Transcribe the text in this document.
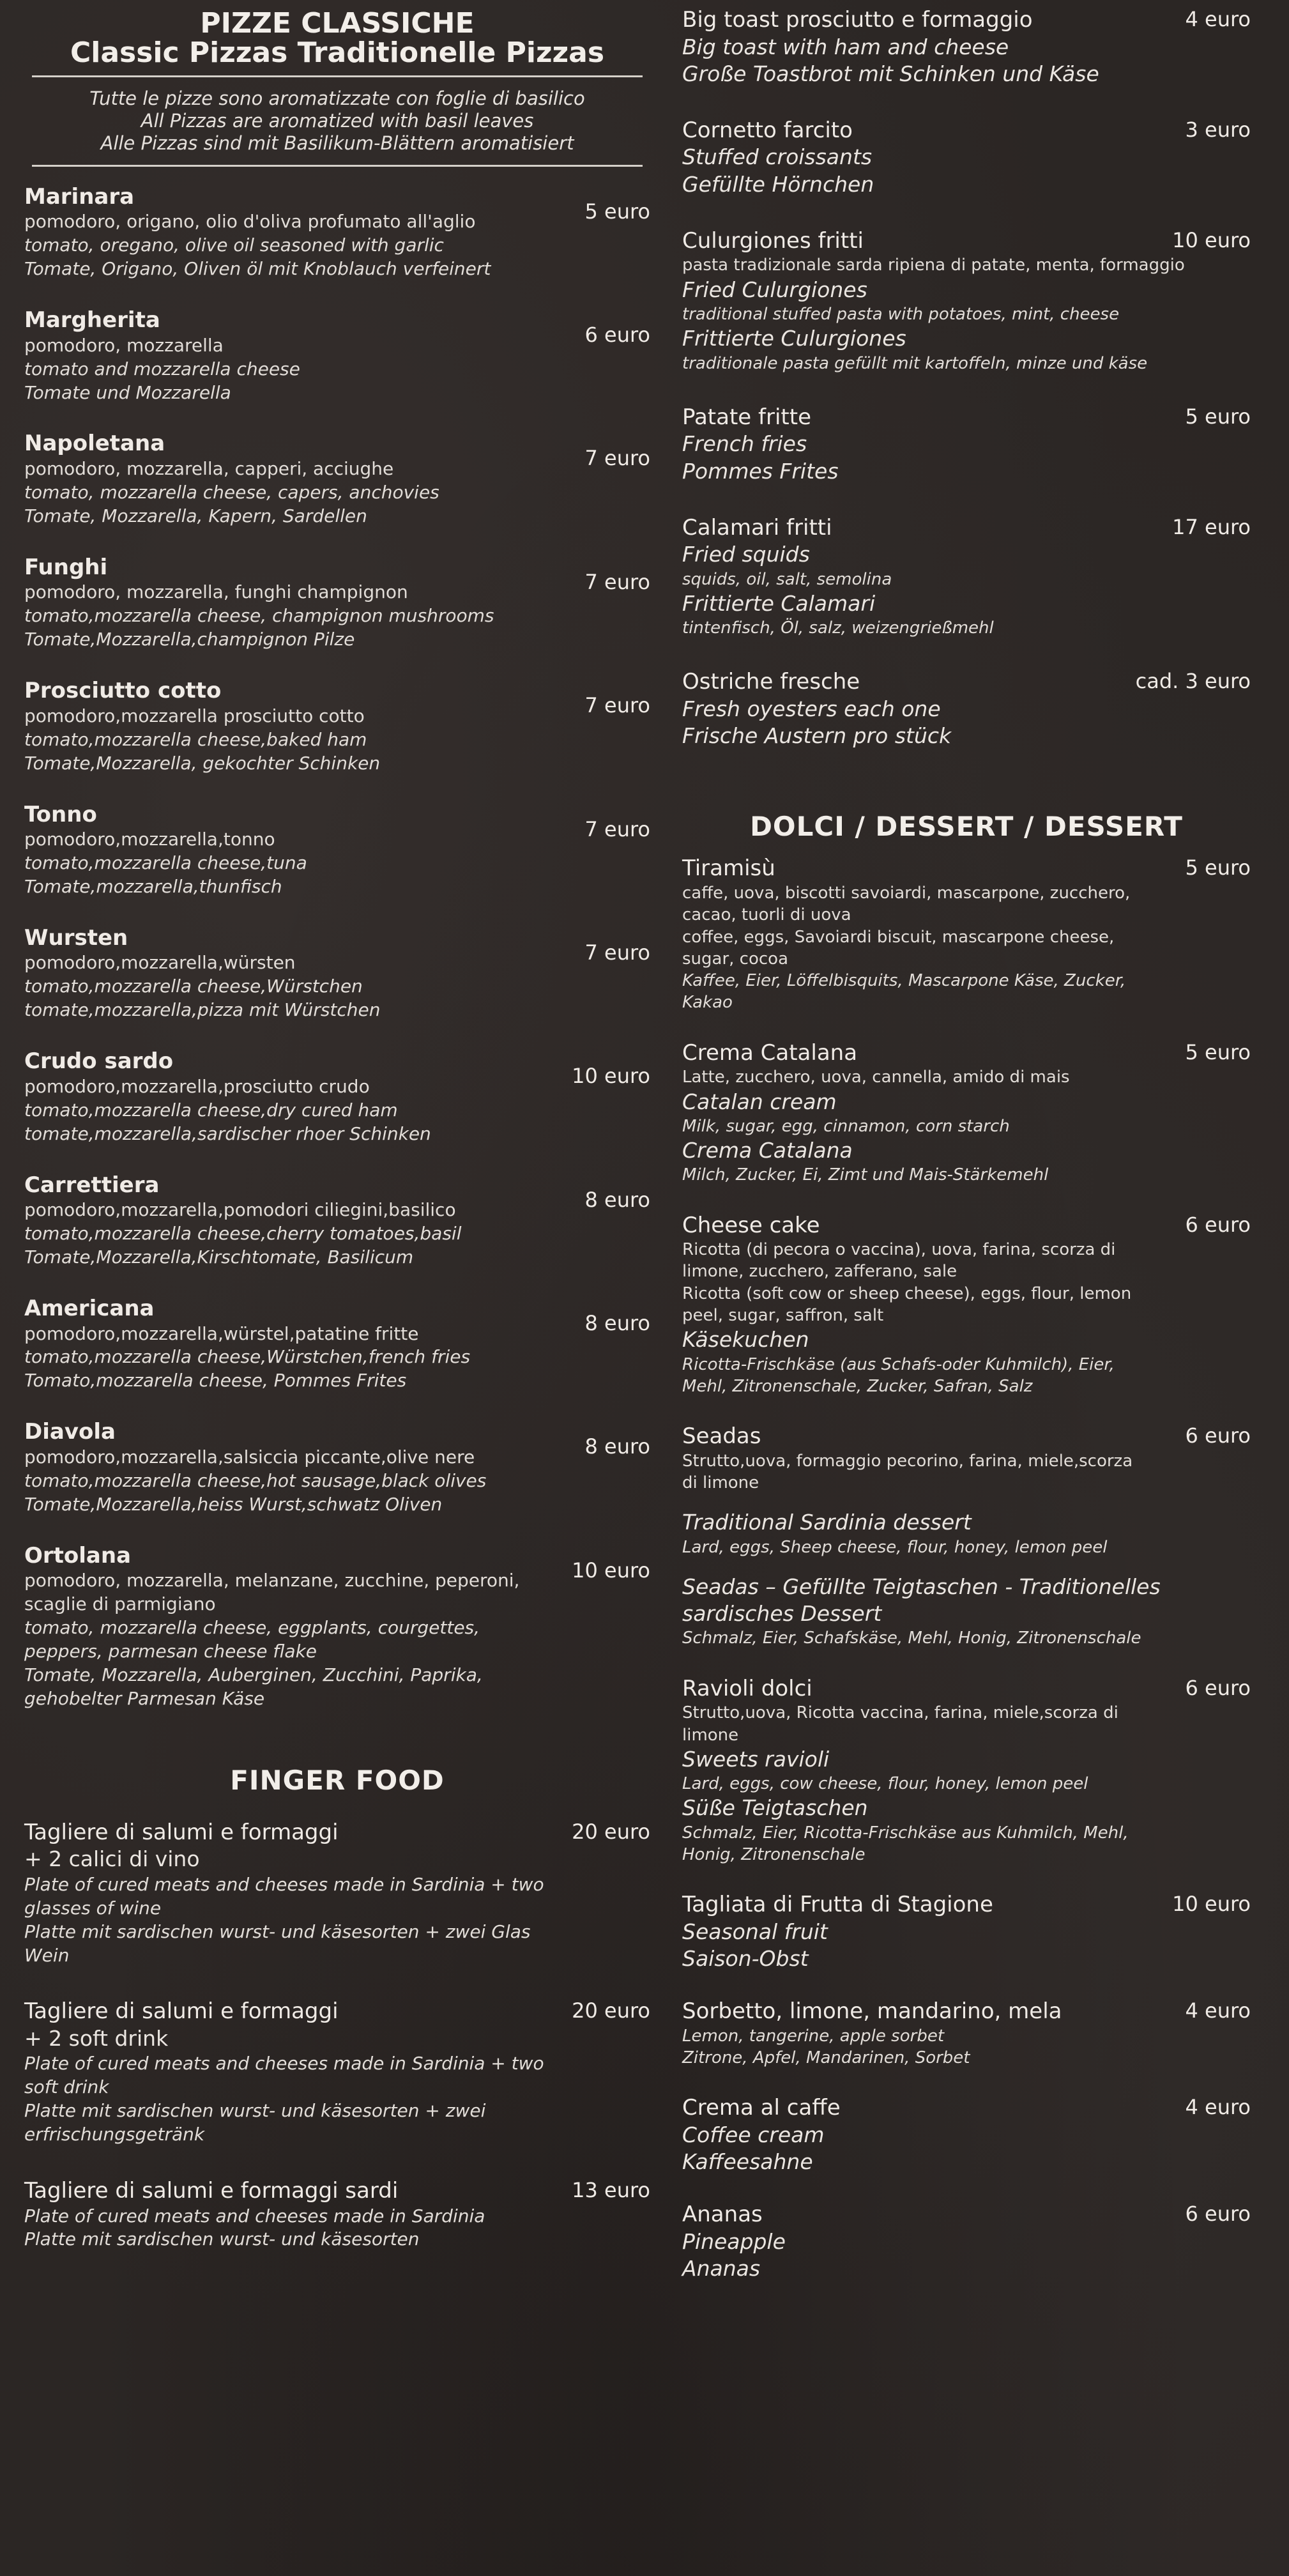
PIZZE CLASSICHE
Classic Pizzas Traditionelle Pizzas
Tutte le pizze sono aromatizzate con foglie di basilico
All Pizzas are aromatized with basil leaves
Alle Pizzas sind mit Basilikum-Blättern aromatisiert
Marinara
5 euro
pomodoro, origano, olio d'oliva profumato all'aglio
tomato, oregano, olive oil seasoned with garlic
Tomate, Origano, Oliven öl mit Knoblauch verfeinert
Margherita
6 euro
pomodoro, mozzarella
tomato and mozzarella cheese
Tomate und Mozzarella
Napoletana
7 euro
pomodoro, mozzarella, capperi, acciughe
tomato, mozzarella cheese, capers, anchovies
Tomate, Mozzarella, Kapern, Sardellen
Funghi
7 euro
pomodoro, mozzarella, funghi champignon
tomato,mozzarella cheese, champignon mushrooms
Tomate,Mozzarella,champignon Pilze
Prosciutto cotto
7 euro
pomodoro,mozzarella prosciutto cotto
tomato,mozzarella cheese,baked ham
Tomate,Mozzarella, gekochter Schinken
Tonno
7 euro
pomodoro,mozzarella,tonno
tomato,mozzarella cheese,tuna
Tomate,mozzarella,thunfisch
Wursten
7 euro
pomodoro,mozzarella,würsten
tomato,mozzarella cheese,Würstchen
tomate,mozzarella,pizza mit Würstchen
Crudo sardo
10 euro
pomodoro,mozzarella,prosciutto crudo
tomato,mozzarella cheese,dry cured ham
tomate,mozzarella,sardischer rhoer Schinken
Carrettiera
8 euro
pomodoro,mozzarella,pomodori ciliegini,basilico
tomato,mozzarella cheese,cherry tomatoes,basil
Tomate,Mozzarella,Kirschtomate, Basilicum
Americana
8 euro
pomodoro,mozzarella,würstel,patatine fritte
tomato,mozzarella cheese,Würstchen,french fries
Tomato,mozzarella cheese, Pommes Frites
Diavola
8 euro
pomodoro,mozzarella,salsiccia piccante,olive nere
tomato,mozzarella cheese,hot sausage,black olives
Tomate,Mozzarella,heiss Wurst,schwatz Oliven
Ortolana
10 euro
pomodoro, mozzarella, melanzane, zucchine, peperoni,
scaglie di parmigiano
tomato, mozzarella cheese, eggplants, courgettes,
peppers, parmesan cheese flake
Tomate, Mozzarella, Auberginen, Zucchini, Paprika,
gehobelter Parmesan Käse
FINGER FOOD
Tagliere di salumi e formaggi	20 euro
+ 2 calici di vino
Plate of cured meats and cheeses made in Sardinia + two
glasses of wine
Platte mit sardischen wurst- und käsesorten + zwei Glas
Wein
Tagliere di salumi e formaggi	20 euro
+ 2 soft drink
Plate of cured meats and cheeses made in Sardinia + two
soft drink
Platte mit sardischen wurst- und käsesorten + zwei
erfrischungsgetränk
Tagliere di salumi e formaggi sardi	13 euro
Plate of cured meats and cheeses made in Sardinia
Platte mit sardischen wurst- und käsesorten
Big toast prosciutto e formaggio	4 euro
Big toast with ham and cheese
Große Toastbrot mit Schinken und Käse
Cornetto farcito	3 euro
Stuffed croissants
Gefüllte Hörnchen
Culurgiones fritti	10 euro
pasta tradizionale sarda ripiena di patate, menta, formaggio
Fried Culurgiones
traditional stuffed pasta with potatoes, mint, cheese
Frittierte Culurgiones
traditionale pasta gefüllt mit kartoffeln, minze und käse
Patate fritte	5 euro
French fries
Pommes Frites
Calamari fritti	17 euro
Fried squids
squids, oil, salt, semolina
Frittierte Calamari
tintenfisch, Öl, salz, weizengrießmehl
Ostriche fresche	cad. 3 euro
Fresh oyesters each one
Frische Austern pro stück
DOLCI / DESSERT / DESSERT
Tiramisù	5 euro
caffe, uova, biscotti savoiardi, mascarpone, zucchero,
cacao, tuorli di uova
coffee, eggs, Savoiardi biscuit, mascarpone cheese,
sugar, cocoa
Kaffee, Eier, Löffelbisquits, Mascarpone Käse, Zucker,
Kakao
Crema Catalana	5 euro
Latte, zucchero, uova, cannella, amido di mais
Catalan cream
Milk, sugar, egg, cinnamon, corn starch
Crema Catalana
Milch, Zucker, Ei, Zimt und Mais-Stärkemehl
Cheese cake	6 euro
Ricotta (di pecora o vaccina), uova, farina, scorza di
limone, zucchero, zafferano, sale
Ricotta (soft cow or sheep cheese), eggs, flour, lemon
peel, sugar, saffron, salt
Käsekuchen
Ricotta-Frischkäse (aus Schafs-oder Kuhmilch), Eier,
Mehl, Zitronenschale, Zucker, Safran, Salz
Seadas	6 euro
Strutto,uova, formaggio pecorino, farina, miele,scorza
di limone
Traditional Sardinia dessert
Lard, eggs, Sheep cheese, flour, honey, lemon peel
Seadas – Gefüllte Teigtaschen - Traditionelles
sardisches Dessert
Schmalz, Eier, Schafskäse, Mehl, Honig, Zitronenschale
Ravioli dolci	6 euro
Strutto,uova, Ricotta vaccina, farina, miele,scorza di
limone
Sweets ravioli
Lard, eggs, cow cheese, flour, honey, lemon peel
Süße Teigtaschen
Schmalz, Eier, Ricotta-Frischkäse aus Kuhmilch, Mehl,
Honig, Zitronenschale
Tagliata di Frutta di Stagione	10 euro
Seasonal fruit
Saison-Obst
Sorbetto, limone, mandarino, mela	4 euro
Lemon, tangerine, apple sorbet
Zitrone, Apfel, Mandarinen, Sorbet
Crema al caffe	4 euro
Coffee cream
Kaffeesahne
Ananas	6 euro
Pineapple
Ananas
